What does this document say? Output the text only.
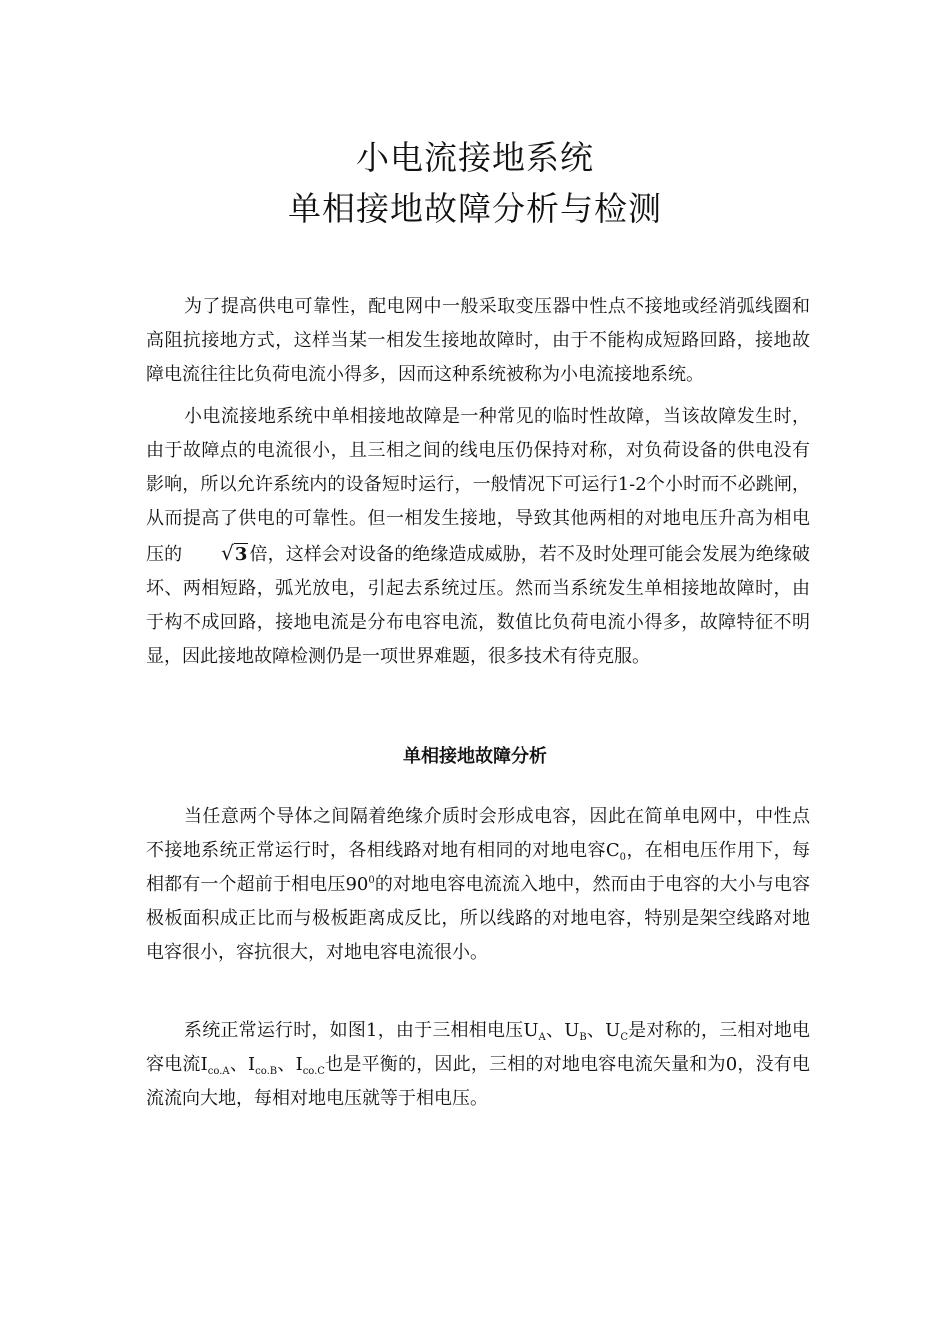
小电流接地系统
单相接地故障分析与检测

为了提高供电可靠性，配电网中一般采取变压器中性点不接地或经消弧线圈和高阻抗接地方式，这样当某一相发生接地故障时，由于不能构成短路回路，接地故障电流往往比负荷电流小得多，因而这种系统被称为小电流接地系统。

小电流接地系统中单相接地故障是一种常见的临时性故障，当该故障发生时，由于故障点的电流很小，且三相之间的线电压仍保持对称，对负荷设备的供电没有影响，所以允许系统内的设备短时运行，一般情况下可运行1-2个小时而不必跳闸，从而提高了供电的可靠性。但一相发生接地，导致其他两相的对地电压升高为相电压的 √3 倍，这样会对设备的绝缘造成威胁，若不及时处理可能会发展为绝缘破坏、两相短路，弧光放电，引起去系统过压。然而当系统发生单相接地故障时，由于构不成回路，接地电流是分布电容电流，数值比负荷电流小得多，故障特征不明显，因此接地故障检测仍是一项世界难题，很多技术有待克服。

单相接地故障分析

当任意两个导体之间隔着绝缘介质时会形成电容，因此在简单电网中，中性点不接地系统正常运行时，各相线路对地有相同的对地电容$C_0$，在相电压作用下，每相都有一个超前于相电压$90^0$的对地电容电流流入地中，然而由于电容的大小与电容极板面积成正比而与极板距离成反比，所以线路的对地电容，特别是架空线路对地电容很小，容抗很大，对地电容电流很小。

系统正常运行时，如图1，由于三相相电压$U_A$、$U_B$、$U_C$是对称的，三相对地电容电流$I_{co.A}$、$I_{co.B}$、$I_{co.C}$也是平衡的，因此，三相的对地电容电流矢量和为0，没有电流流向大地，每相对地电压就等于相电压。
